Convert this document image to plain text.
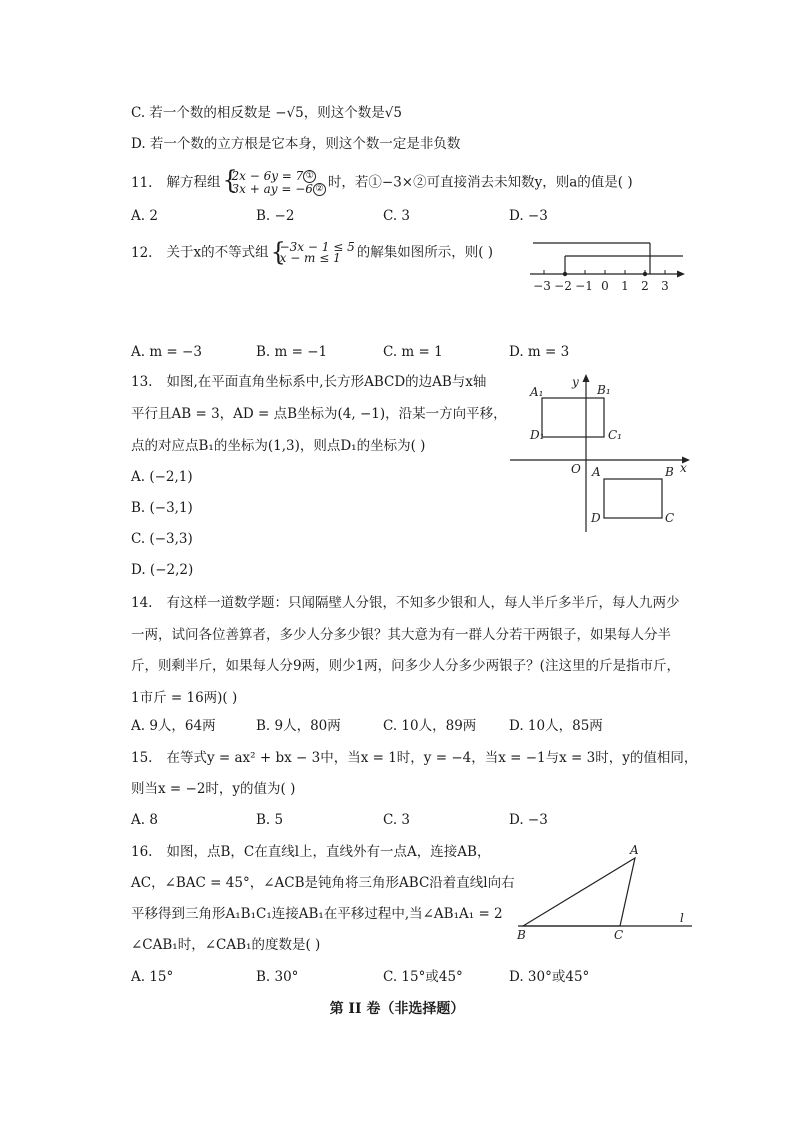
C. 若一个数的相反数是 −√5，则这个数是√5
D. 若一个数的立方根是它本身，则这个数一定是非负数
11. 解方程组 {
2x − 6y = 7 ①
3x + ay = −6 ② 时，若①−3×②可直接消去未知数y，则a的值是( )
A. 2	B. −2	C. 3	D. −3
12. 关于x的不等式组 {
−3x − 1 ≤ 5
x − m ≤ 1	的解集如图所示，则( )
−3 −2 −1 0 1 2 3
A. m = −3	B. m = −1	C. m = 1	D. m = 3
13. 如图,在平面直角坐标系中,长方形ABCD的边AB与x轴
平行且AB = 3，AD = 点B坐标为(4, −1)，沿某一方向平移，
点的对应点B₁的坐标为(1,3)，则点D₁的坐标为( )
A. (−2,1)
B. (−3,1)
C. (−3,3)
D. (−2,2)
A₁	B₁
C₁
D₁
O A	B
C
D
x
y
14. 有这样一道数学题：只闻隔壁人分银，不知多少银和人，每人半斤多半斤，每人九两少
一两，试问各位善算者，多少人分多少银？其大意为有一群人分若干两银子，如果每人分半
斤，则剩半斤，如果每人分9两，则少1两，问多少人分多少两银子？(注这里的斤是指市斤，
1市斤 = 16两)( )
A. 9人，64两	B. 9人，80两	C. 10人，89两 D. 10人，85两
15. 在等式y = ax² + bx − 3中，当x = 1时，y = −4，当x = −1与x = 3时，y的值相同，
则当x = −2时，y的值为( )
A. 8	B. 5	C. 3	D. −3
16. 如图，点B，C在直线l上，直线外有一点A，连接AB，
AC，∠BAC = 45°，∠ACB是钝角将三角形ABC沿着直线l向右
平移得到三角形A₁B₁C₁连接AB₁在平移过程中,当∠AB₁A₁ = 2
∠CAB₁时，∠CAB₁的度数是( )
A
B	C
l
A. 15°	B. 30°	C. 15°或45°	D. 30°或45°
第 II 卷（非选择题）
